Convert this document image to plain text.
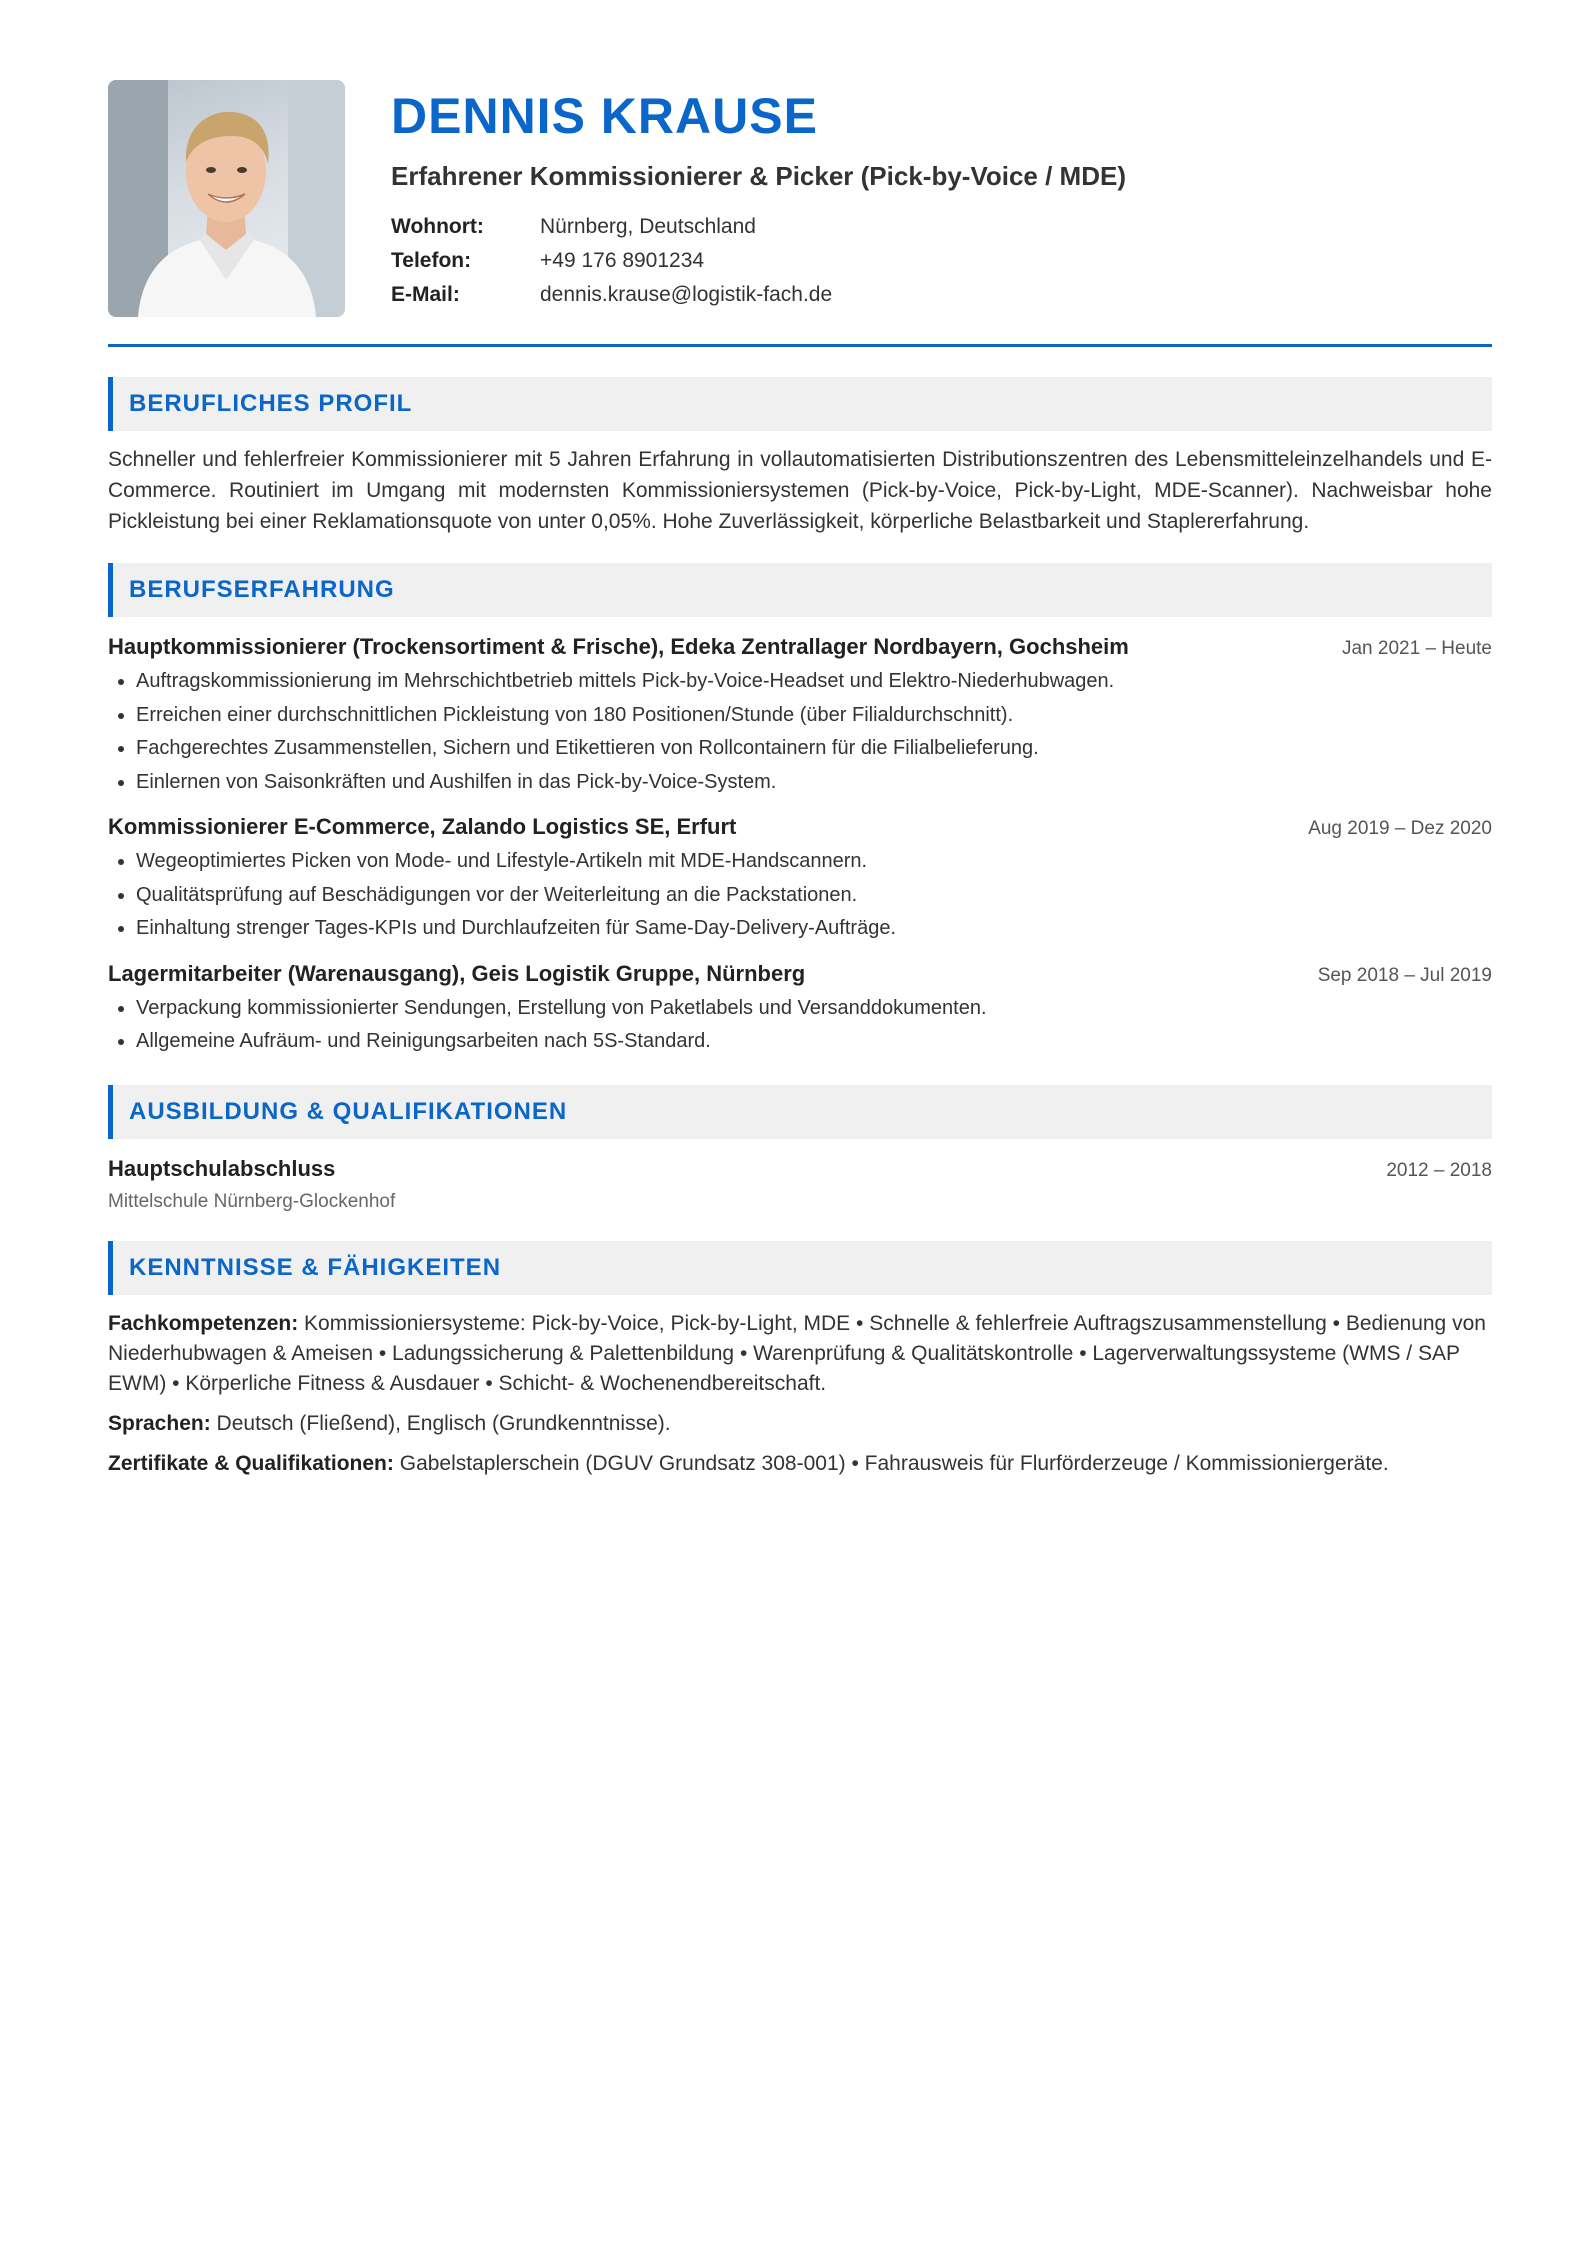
DENNIS KRAUSE
Erfahrener Kommissionierer & Picker (Pick-by-Voice / MDE)
Wohnort:	Nürnberg, Deutschland
Telefon:	+49 176 8901234
E-Mail:	dennis.krause@logistik-fach.de
BERUFLICHES PROFIL
Schneller und fehlerfreier Kommissionierer mit 5 Jahren Erfahrung in vollautomatisierten Distributionszentren des Lebensmitteleinzelhandels und E-Commerce. Routiniert im Umgang mit modernsten Kommissioniersystemen (Pick-by-Voice, Pick-by-Light, MDE-Scanner). Nachweisbar hohe Pickleistung bei einer Reklamationsquote von unter 0,05%. Hohe Zuverlässigkeit, körperliche Belastbarkeit und Staplererfahrung.
BERUFSERFAHRUNG
Hauptkommissionierer (Trockensortiment & Frische), Edeka Zentrallager Nordbayern, Gochsheim	Jan 2021 – Heute
• Auftragskommissionierung im Mehrschichtbetrieb mittels Pick-by-Voice-Headset und Elektro-Niederhubwagen.
• Erreichen einer durchschnittlichen Pickleistung von 180 Positionen/Stunde (über Filialdurchschnitt).
• Fachgerechtes Zusammenstellen, Sichern und Etikettieren von Rollcontainern für die Filialbelieferung.
• Einlernen von Saisonkräften und Aushilfen in das Pick-by-Voice-System.
Kommissionierer E-Commerce, Zalando Logistics SE, Erfurt	Aug 2019 – Dez 2020
• Wegeoptimiertes Picken von Mode- und Lifestyle-Artikeln mit MDE-Handscannern.
• Qualitätsprüfung auf Beschädigungen vor der Weiterleitung an die Packstationen.
• Einhaltung strenger Tages-KPIs und Durchlaufzeiten für Same-Day-Delivery-Aufträge.
Lagermitarbeiter (Warenausgang), Geis Logistik Gruppe, Nürnberg	Sep 2018 – Jul 2019
• Verpackung kommissionierter Sendungen, Erstellung von Paketlabels und Versanddokumenten.
• Allgemeine Aufräum- und Reinigungsarbeiten nach 5S-Standard.
AUSBILDUNG & QUALIFIKATIONEN
Hauptschulabschluss	2012 – 2018
Mittelschule Nürnberg-Glockenhof
KENNTNISSE & FÄHIGKEITEN
Fachkompetenzen: Kommissioniersysteme: Pick-by-Voice, Pick-by-Light, MDE • Schnelle & fehlerfreie Auftragszusammenstellung • Bedienung von Niederhubwagen & Ameisen • Ladungssicherung & Palettenbildung • Warenprüfung & Qualitätskontrolle • Lagerverwaltungssysteme (WMS / SAP EWM) • Körperliche Fitness & Ausdauer • Schicht- & Wochenendbereitschaft.
Sprachen: Deutsch (Fließend), Englisch (Grundkenntnisse).
Zertifikate & Qualifikationen: Gabelstaplerschein (DGUV Grundsatz 308-001) • Fahrausweis für Flurförderzeuge / Kommissioniergeräte.
